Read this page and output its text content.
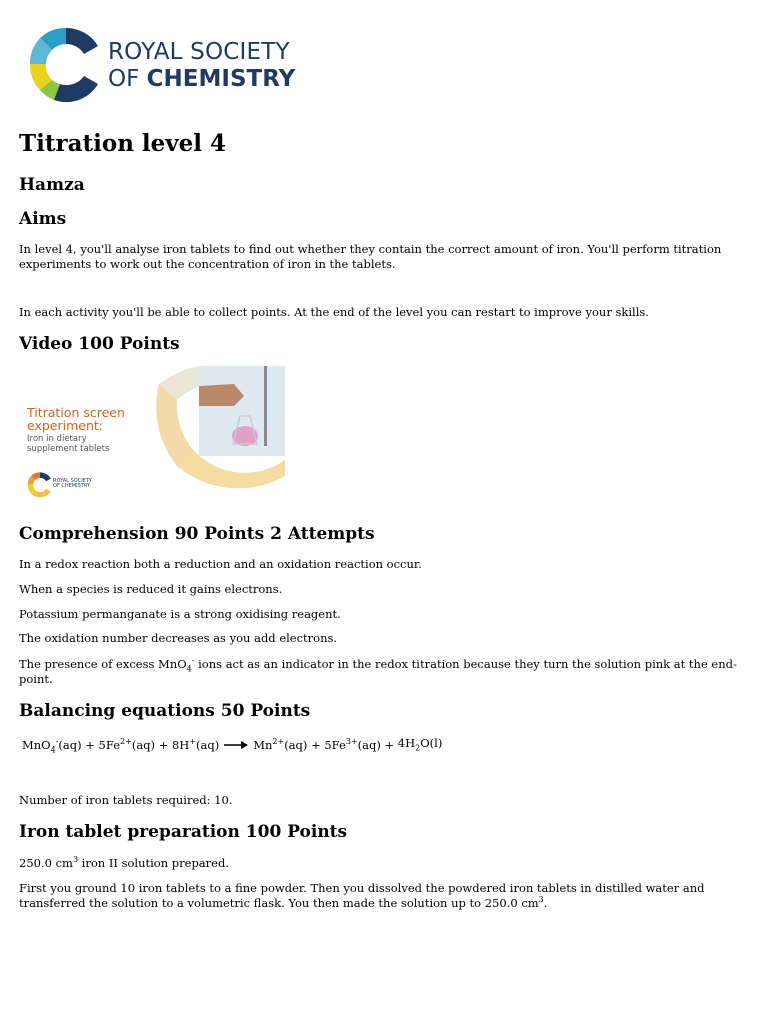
ROYAL SOCIETY
OF CHEMISTRY
Titration level 4
Hamza
Aims

In level 4, you'll analyse iron tablets to find out whether they contain the correct amount of iron. You'll perform titration experiments to work out the concentration of iron in the tablets.

In each activity you'll be able to collect points. At the end of the level you can restart to improve your skills.

Video 100 Points
Titration screen
experiment:
Iron in dietary
supplement tablets
ROYAL SOCIETY
OF CHEMISTRY
Comprehension 90 Points 2 Attempts

In a redox reaction both a reduction and an oxidation reaction occur.

When a species is reduced it gains electrons.

Potassium permanganate is a strong oxidising reagent.

The oxidation number decreases as you add electrons.

The presence of excess MnO$_4$- ions act as an indicator in the redox titration because they turn the solution pink at the end-point.

Balancing equations 50 Points
$MnO_4^-(aq) + 5Fe^{2+}(aq) + 8H^+(aq) \to Mn^{2+}(aq) + 5Fe^{3+}(aq) + 4H_2O(l)$

Number of iron tablets required: 10.

Iron tablet preparation 100 Points

250.0 $cm^3$ iron II solution prepared.

First you ground 10 iron tablets to a fine powder. Then you dissolved the powdered iron tablets in distilled water and transferred the solution to a volumetric flask. You then made the solution up to 250.0 $cm^3$.
